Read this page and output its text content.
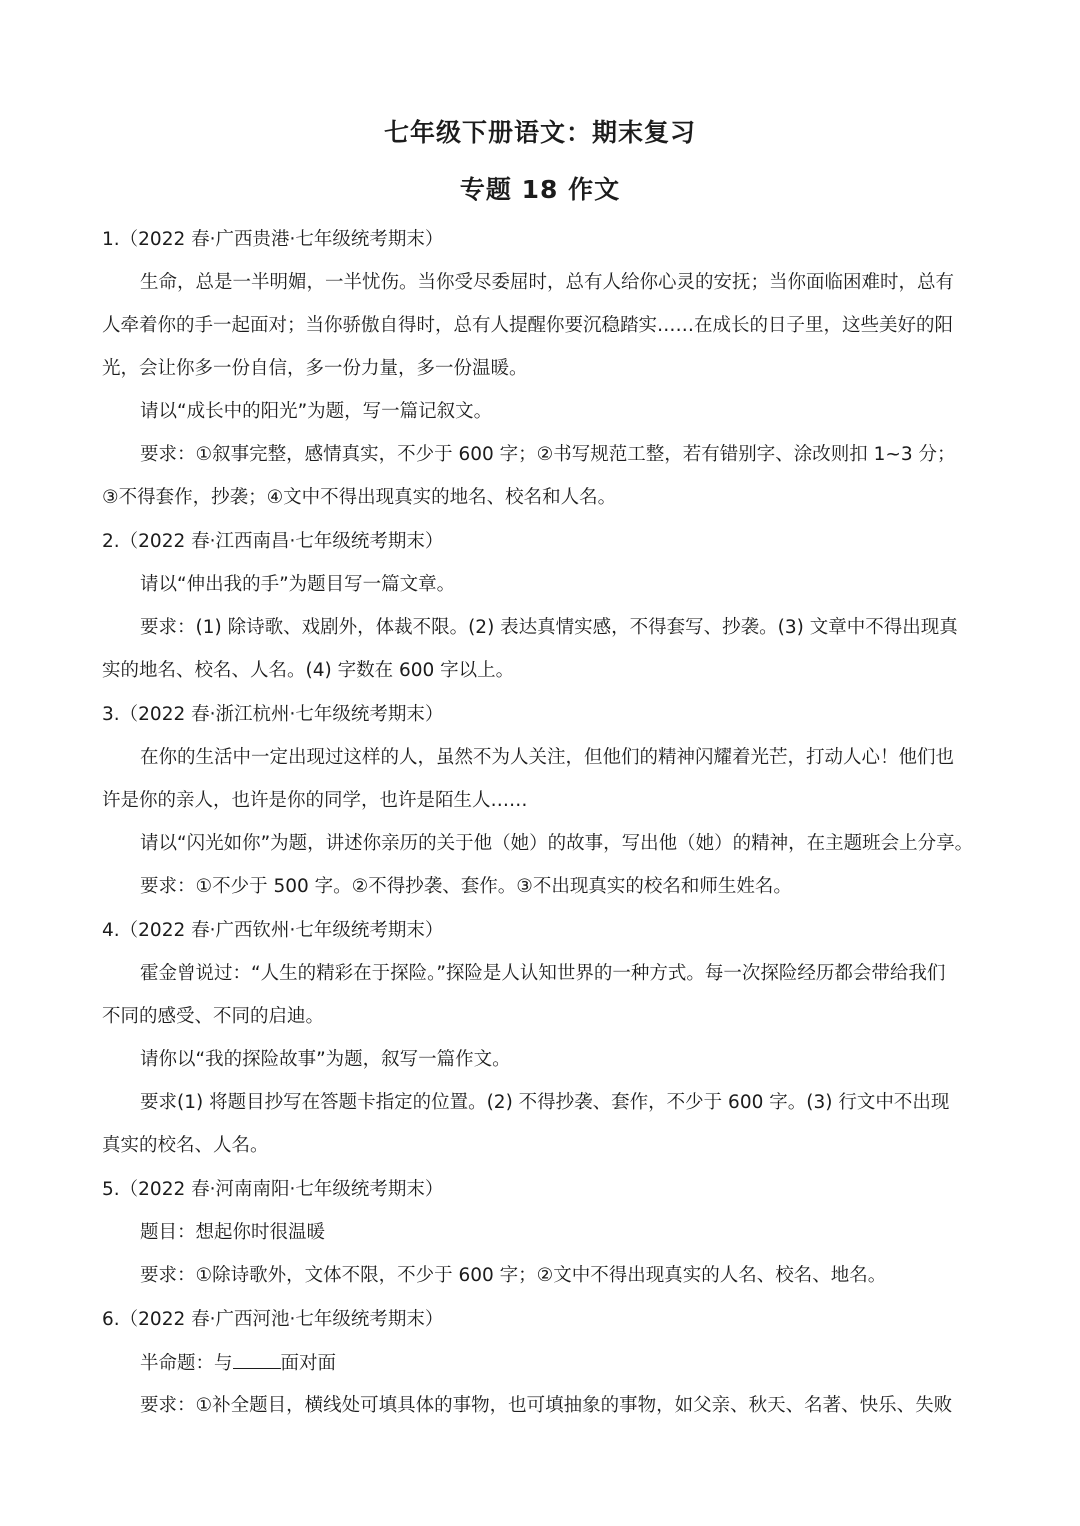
七年级下册语文：期末复习
专题 18 作文

1.（2022 春·广西贵港·七年级统考期末）

生命，总是一半明媚，一半忧伤。当你受尽委屈时，总有人给你心灵的安抚；当你面临困难时，总有

人牵着你的手一起面对；当你骄傲自得时，总有人提醒你要沉稳踏实……在成长的日子里，这些美好的阳

光，会让你多一份自信，多一份力量，多一份温暖。

请以“成长中的阳光”为题，写一篇记叙文。

要求：①叙事完整，感情真实，不少于 600 字；②书写规范工整，若有错别字、涂改则扣 1~3 分；

③不得套作，抄袭；④文中不得出现真实的地名、校名和人名。

2.（2022 春·江西南昌·七年级统考期末）

请以“伸出我的手”为题目写一篇文章。

要求：(1) 除诗歌、戏剧外，体裁不限。(2) 表达真情实感，不得套写、抄袭。(3) 文章中不得出现真

实的地名、校名、人名。(4) 字数在 600 字以上。

3.（2022 春·浙江杭州·七年级统考期末）

在你的生活中一定出现过这样的人，虽然不为人关注，但他们的精神闪耀着光芒，打动人心！他们也

许是你的亲人，也许是你的同学，也许是陌生人……

请以“闪光如你”为题，讲述你亲历的关于他（她）的故事，写出他（她）的精神，在主题班会上分享。

要求：①不少于 500 字。②不得抄袭、套作。③不出现真实的校名和师生姓名。

4.（2022 春·广西钦州·七年级统考期末）

霍金曾说过：“人生的精彩在于探险。”探险是人认知世界的一种方式。每一次探险经历都会带给我们

不同的感受、不同的启迪。

请你以“我的探险故事”为题，叙写一篇作文。

要求(1) 将题目抄写在答题卡指定的位置。(2) 不得抄袭、套作，不少于 600 字。(3) 行文中不出现

真实的校名、人名。

5.（2022 春·河南南阳·七年级统考期末）

题目：想起你时很温暖

要求：①除诗歌外，文体不限，不少于 600 字；②文中不得出现真实的人名、校名、地名。

6.（2022 春·广西河池·七年级统考期末）

半命题：与	面对面

要求：①补全题目，横线处可填具体的事物，也可填抽象的事物，如父亲、秋天、名著、快乐、失败
